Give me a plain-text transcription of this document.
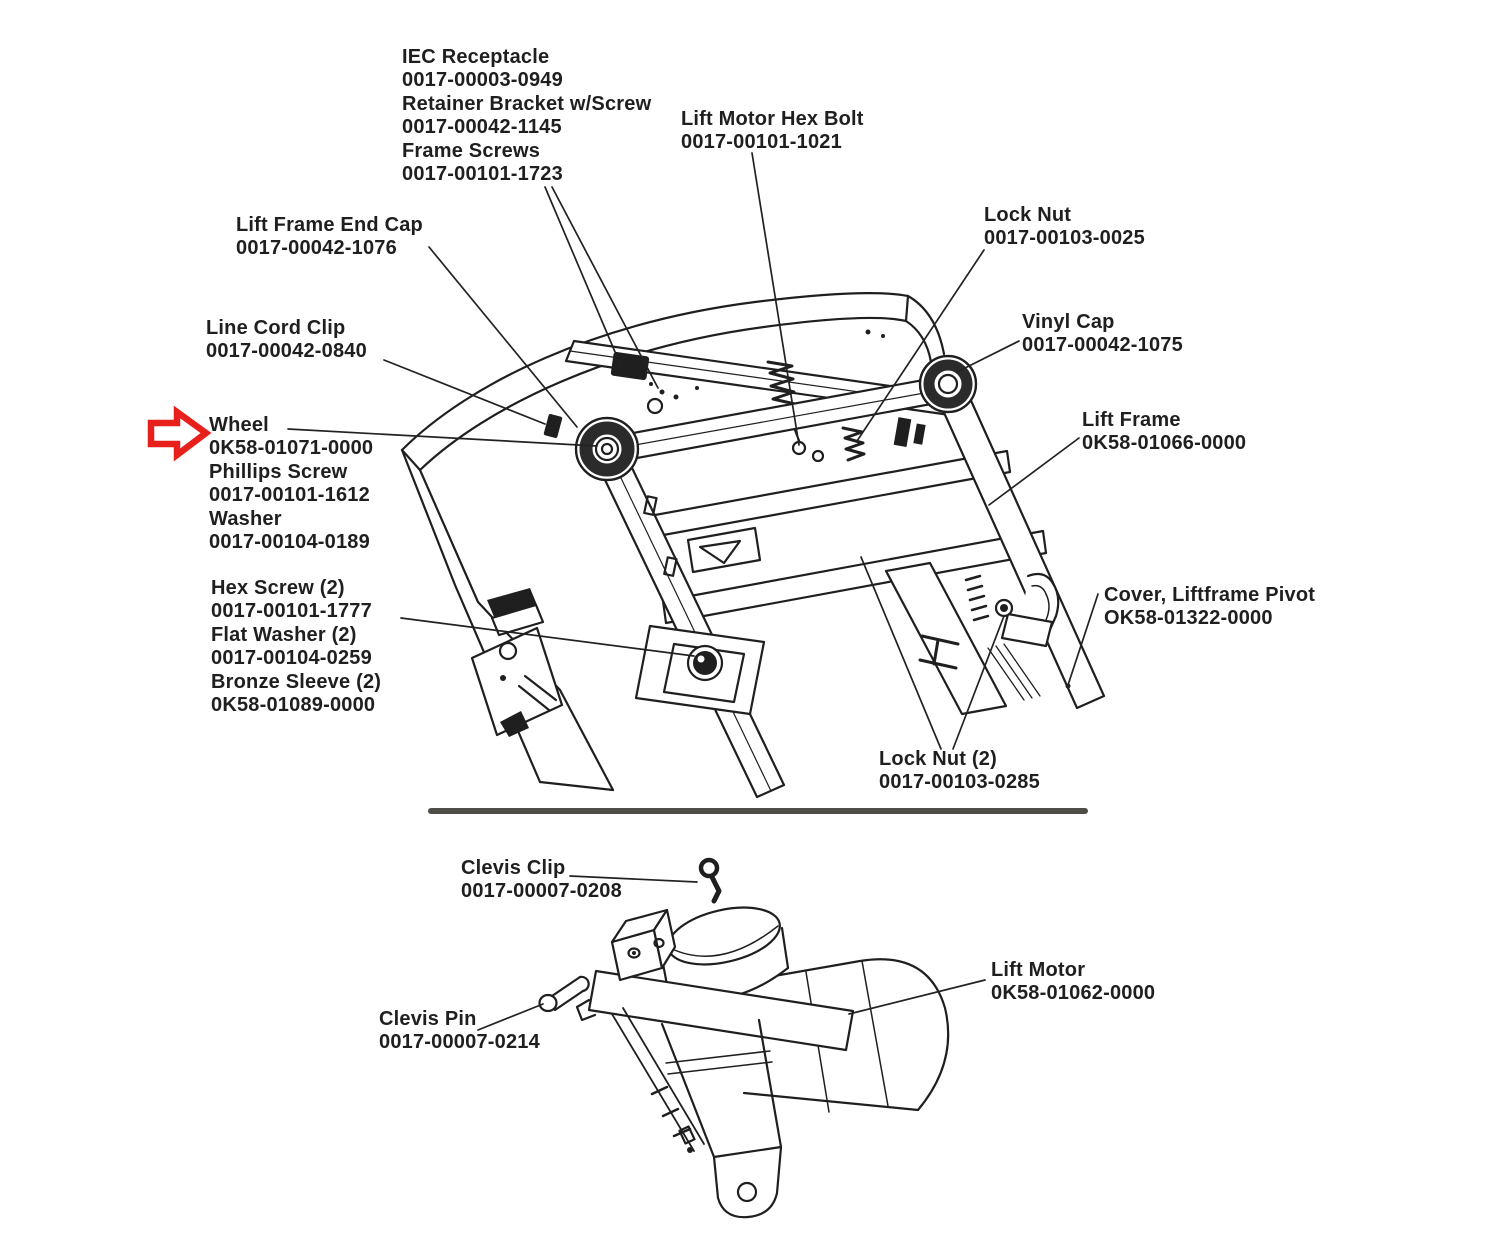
IEC Receptacle
0017-00003-0949
Retainer Bracket w/Screw
0017-00042-1145
Frame Screws
0017-00101-1723
Lift Motor Hex Bolt
0017-00101-1021
Lock Nut
0017-00103-0025
Lift Frame End Cap
0017-00042-1076
Vinyl Cap
0017-00042-1075
Line Cord Clip
0017-00042-0840
Lift Frame
0K58-01066-0000
Wheel
0K58-01071-0000
Phillips Screw
0017-00101-1612
Washer
0017-00104-0189
Hex Screw (2)
0017-00101-1777
Flat Washer (2)
0017-00104-0259
Bronze Sleeve (2)
0K58-01089-0000
Cover, Liftframe Pivot
OK58-01322-0000
Lock Nut (2)
0017-00103-0285
Clevis Clip
0017-00007-0208
Clevis Pin
0017-00007-0214
Lift Motor
0K58-01062-0000
